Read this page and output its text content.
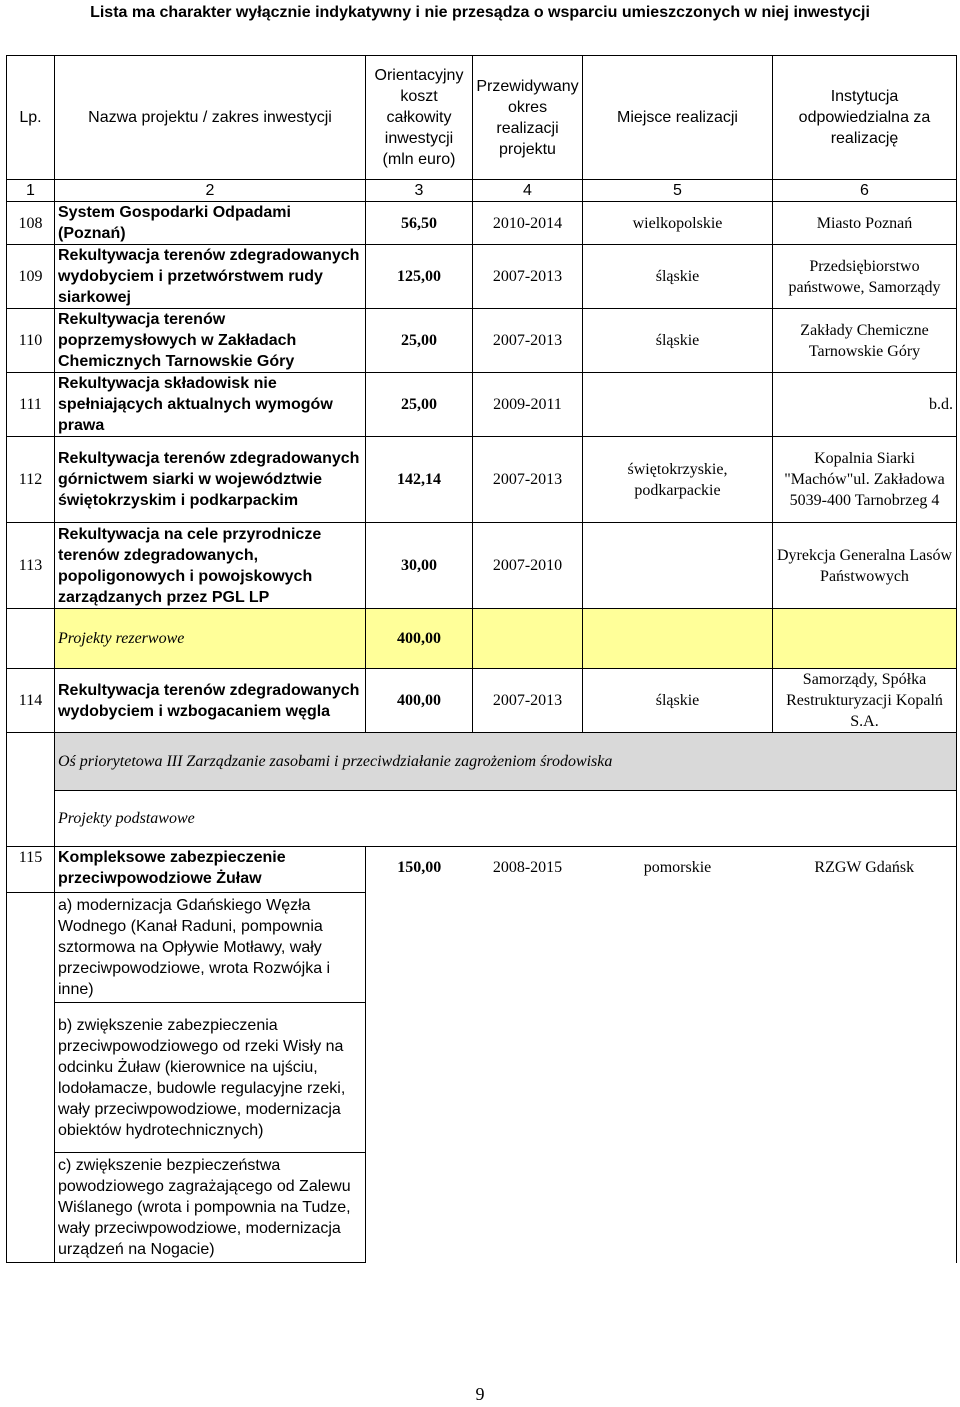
Lista ma charakter wyłącznie indykatywny i nie przesądza o wsparciu umieszczonych w niej inwestycji
Lp.	Nazwa projektu / zakres inwestycji	Orientacyjny koszt całkowity inwestycji (mln euro)	Przewidywany okres realizacji projektu	Miejsce realizacji	Instytucja odpowiedzialna za realizację
1	2	3	4	5	6
108	System Gospodarki Odpadami (Poznań)	56,50	2010-2014	wielkopolskie	Miasto Poznań
109	Rekultywacja terenów zdegradowanych wydobyciem i przetwórstwem rudy siarkowej	125,00	2007-2013	śląskie	Przedsiębiorstwo państwowe, Samorządy
110	Rekultywacja terenów poprzemysłowych w Zakładach Chemicznych Tarnowskie Góry	25,00	2007-2013	śląskie	Zakłady Chemiczne Tarnowskie Góry
111	Rekultywacja składowisk nie spełniających aktualnych wymogów prawa	25,00	2009-2011		b.d.
112	Rekultywacja terenów zdegradowanych górnictwem siarki w województwie świętokrzyskim i podkarpackim	142,14	2007-2013	świętokrzyskie, podkarpackie	Kopalnia Siarki "Machów"ul. Zakładowa 5039-400 Tarnobrzeg 4
113	Rekultywacja na cele przyrodnicze terenów zdegradowanych, popoligonowych i powojskowych zarządzanych przez PGL LP	30,00	2007-2010		Dyrekcja Generalna Lasów Państwowych
	Projekty rezerwowe	400,00			
114	Rekultywacja terenów zdegradowanych wydobyciem i wzbogacaniem węgla	400,00	2007-2013	śląskie	Samorządy, Spółka Restrukturyzacji Kopalń S.A.
	Oś priorytetowa III Zarządzanie zasobami i przeciwdziałanie zagrożeniom środowiska				
	Projekty podstawowe				
115	Kompleksowe zabezpieczenie przeciwpowodziowe Żuław	150,00	2008-2015	pomorskie	RZGW Gdańsk
	a) modernizacja Gdańskiego Węzła Wodnego (Kanał Raduni, pompownia sztormowa na Opływie Motławy, wały przeciwpowodziowe, wrota Rozwójka i inne)				
	b) zwiększenie zabezpieczenia przeciwpowodziowego od rzeki Wisły na odcinku Żuław (kierownice na ujściu, lodołamacze, budowle regulacyjne rzeki, wały przeciwpowodziowe, modernizacja obiektów hydrotechnicznych)				
	c) zwiększenie bezpieczeństwa powodziowego zagrażającego od Zalewu Wiślanego (wrota i pompownia na Tudze, wały przeciwpowodziowe, modernizacja urządzeń na Nogacie)				
9
